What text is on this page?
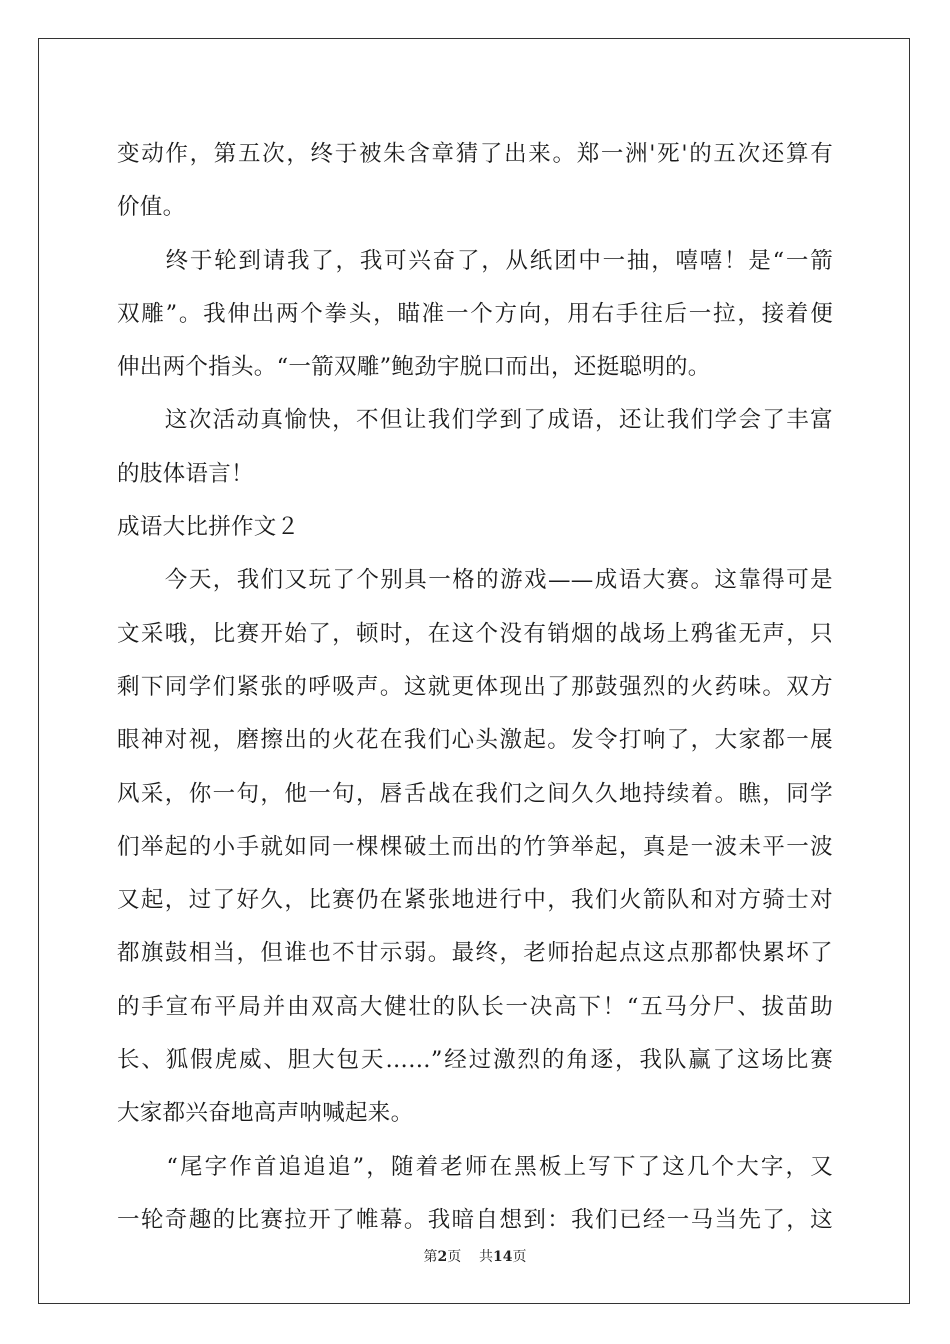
变动作，第五次，终于被朱含章猜了出来。郑一洲'死'的五次还算有
价值。
　　终于轮到请我了，我可兴奋了，从纸团中一抽，嘻嘻！是“一箭
双雕”。我伸出两个拳头，瞄准一个方向，用右手往后一拉，接着便
伸出两个指头。“一箭双雕”鲍劲宇脱口而出，还挺聪明的。
　　这次活动真愉快，不但让我们学到了成语，还让我们学会了丰富
的肢体语言！
成语大比拼作文２
　　今天，我们又玩了个别具一格的游戏——成语大赛。这靠得可是
文采哦，比赛开始了，顿时，在这个没有销烟的战场上鸦雀无声，只
剩下同学们紧张的呼吸声。这就更体现出了那鼓强烈的火药味。双方
眼神对视，磨擦出的火花在我们心头激起。发令打响了，大家都一展
风采，你一句，他一句，唇舌战在我们之间久久地持续着。瞧，同学
们举起的小手就如同一棵棵破土而出的竹笋举起，真是一波未平一波
又起，过了好久，比赛仍在紧张地进行中，我们火箭队和对方骑士对
都旗鼓相当，但谁也不甘示弱。最终，老师抬起点这点那都快累坏了
的手宣布平局并由双高大健壮的队长一决高下！“五马分尸、拔苗助
长、狐假虎威、胆大包天……”经过激烈的角逐，我队赢了这场比赛
大家都兴奋地高声呐喊起来。
　　“尾字作首追追追”，随着老师在黑板上写下了这几个大字，又
一轮奇趣的比赛拉开了帷幕。我暗自想到：我们已经一马当先了，这
第2页 共14页
